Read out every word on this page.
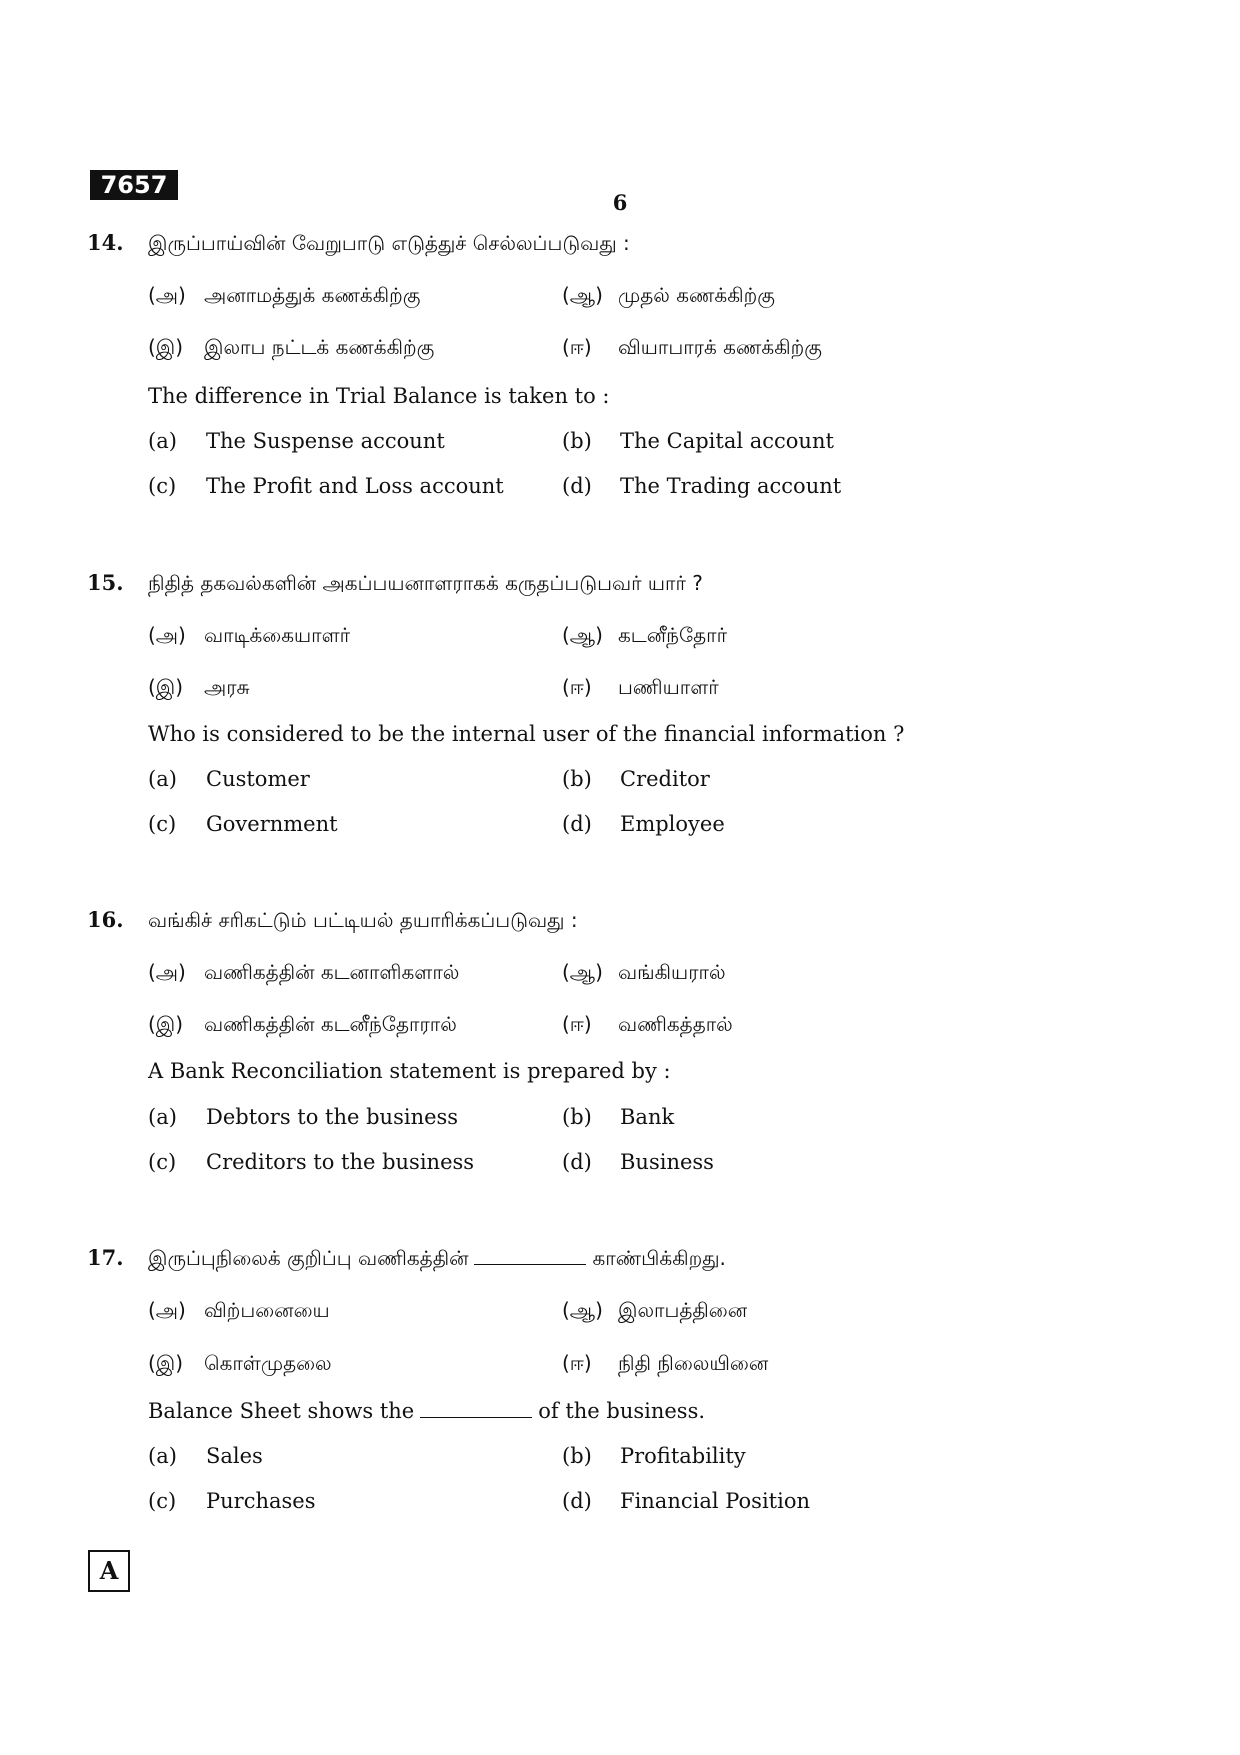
7657
6
14. இருப்பாய்வின் வேறுபாடு எடுத்துச் செல்லப்படுவது :
(அ) அனாமத்துக் கணக்கிற்கு	(ஆ) முதல் கணக்கிற்கு
(இ) இலாப நட்டக் கணக்கிற்கு	(ஈ) வியாபாரக் கணக்கிற்கு
The difference in Trial Balance is taken to :
(a) The Suspense account	(b) The Capital account
(c) The Profit and Loss account	(d) The Trading account
15. நிதித் தகவல்களின் அகப்பயனாளராகக் கருதப்படுபவர் யார் ?
(அ) வாடிக்கையாளர்	(ஆ) கடனீந்தோர்
(இ) அரசு	(ஈ) பணியாளர்
Who is considered to be the internal user of the financial information ?
(a) Customer	(b) Creditor
(c) Government	(d) Employee
16. வங்கிச் சரிகட்டும் பட்டியல் தயாரிக்கப்படுவது :
(அ) வணிகத்தின் கடனாளிகளால்	(ஆ) வங்கியரால்
(இ) வணிகத்தின் கடனீந்தோரால்	(ஈ) வணிகத்தால்
A Bank Reconciliation statement is prepared by :
(a) Debtors to the business	(b) Bank
(c) Creditors to the business	(d) Business
17. இருப்புநிலைக் குறிப்பு வணிகத்தின்	காண்பிக்கிறது.
(அ) விற்பனையை	(ஆ) இலாபத்தினை
(இ) கொள்முதலை	(ஈ) நிதி நிலையினை
Balance Sheet shows the	of the business.
(a) Sales	(b) Profitability
(c) Purchases	(d) Financial Position
A
